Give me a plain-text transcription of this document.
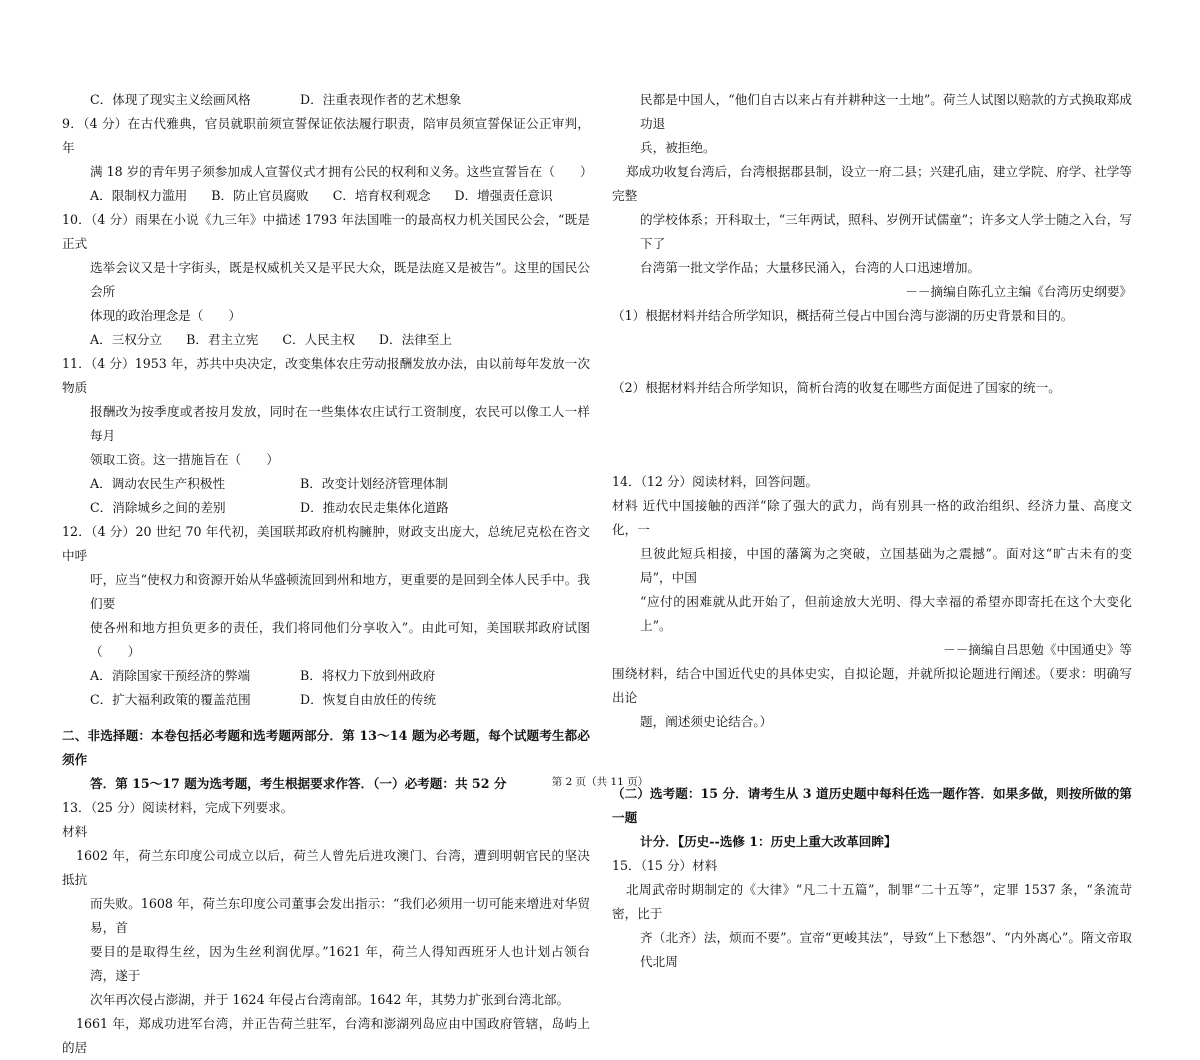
C．体现了现实主义绘画风格	D．注重表现作者的艺术想象

9．（4 分）在古代雅典，官员就职前须宣誓保证依法履行职责，陪审员须宣誓保证公正审判，年

满 18 岁的青年男子须参加成人宣誓仪式才拥有公民的权利和义务。这些宣誓旨在（　　）

A．限制权力滥用 B．防止官员腐败 C．培育权利观念 D．增强责任意识

10．（4 分）雨果在小说《九三年》中描述 1793 年法国唯一的最高权力机关国民公会，“既是正式

选举会议又是十字街头，既是权威机关又是平民大众，既是法庭又是被告”。这里的国民公会所

体现的政治理念是（　　）

A．三权分立 B．君主立宪 C．人民主权 D．法律至上

11．（4 分）1953 年，苏共中央决定，改变集体农庄劳动报酬发放办法，由以前每年发放一次物质

报酬改为按季度或者按月发放，同时在一些集体农庄试行工资制度，农民可以像工人一样每月

领取工资。这一措施旨在（　　）

A．调动农民生产积极性	B．改变计划经济管理体制
C．消除城乡之间的差别	D．推动农民走集体化道路

12．（4 分）20 世纪 70 年代初，美国联邦政府机构臃肿，财政支出庞大，总统尼克松在咨文中呼

吁，应当“使权力和资源开始从华盛顿流回到州和地方，更重要的是回到全体人民手中。我们要

使各州和地方担负更多的责任，我们将同他们分享收入”。由此可知，美国联邦政府试图（　　）

A．消除国家干预经济的弊端	B．将权力下放到州政府
C．扩大福利政策的覆盖范围	D．恢复自由放任的传统

二、非选择题：本卷包括必考题和选考题两部分．第 13～14 题为必考题，每个试题考生都必须作

答．第 15～17 题为选考题，考生根据要求作答．（一）必考题：共 52 分

13．（25 分）阅读材料，完成下列要求。

材料

1602 年，荷兰东印度公司成立以后，荷兰人曾先后进攻澳门、台湾，遭到明朝官民的坚决抵抗

而失败。1608 年，荷兰东印度公司董事会发出指示：“我们必须用一切可能来增进对华贸易，首

要目的是取得生丝，因为生丝利润优厚。”1621 年，荷兰人得知西班牙人也计划占领台湾，遂于

次年再次侵占澎湖，并于 1624 年侵占台湾南部。1642 年，其势力扩张到台湾北部。

1661 年，郑成功进军台湾，并正告荷兰驻军，台湾和澎湖列岛应由中国政府管辖，岛屿上的居

民都是中国人，“他们自古以来占有并耕种这一土地”。荷兰人试图以赔款的方式换取郑成功退

兵，被拒绝。

郑成功收复台湾后，台湾根据郡县制，设立一府二县；兴建孔庙，建立学院、府学、社学等完整

的学校体系；开科取士，“三年两试，照科、岁例开试儒童”；许多文人学士随之入台，写下了

台湾第一批文学作品；大量移民涌入，台湾的人口迅速增加。

－－摘编自陈孔立主编《台湾历史纲要》

（1）根据材料并结合所学知识，概括荷兰侵占中国台湾与澎湖的历史背景和目的。

（2）根据材料并结合所学知识，简析台湾的收复在哪些方面促进了国家的统一。

14．（12 分）阅读材料，回答问题。

材料 近代中国接触的西洋“除了强大的武力，尚有别具一格的政治组织、经济力量、高度文化，一

旦彼此短兵相接，中国的藩篱为之突破，立国基础为之震撼”。面对这“旷古未有的变局”，中国

“应付的困难就从此开始了，但前途放大光明、得大幸福的希望亦即寄托在这个大变化上”。

－－摘编自吕思勉《中国通史》等

围绕材料，结合中国近代史的具体史实，自拟论题，并就所拟论题进行阐述。（要求：明确写出论

题，阐述须史论结合。）

（二）选考题：15 分．请考生从 3 道历史题中每科任选一题作答．如果多做，则按所做的第一题

计分．【历史--选修 1：历史上重大改革回眸】

15．（15 分）材料

北周武帝时期制定的《大律》“凡二十五篇”，制罪“二十五等”，定罪 1537 条，“条流苛密，比于

齐（北齐）法，烦而不要”。宣帝“更峻其法”，导致“上下愁怨”、“内外离心”。隋文帝取代北周

第 2 页（共 11 页）
